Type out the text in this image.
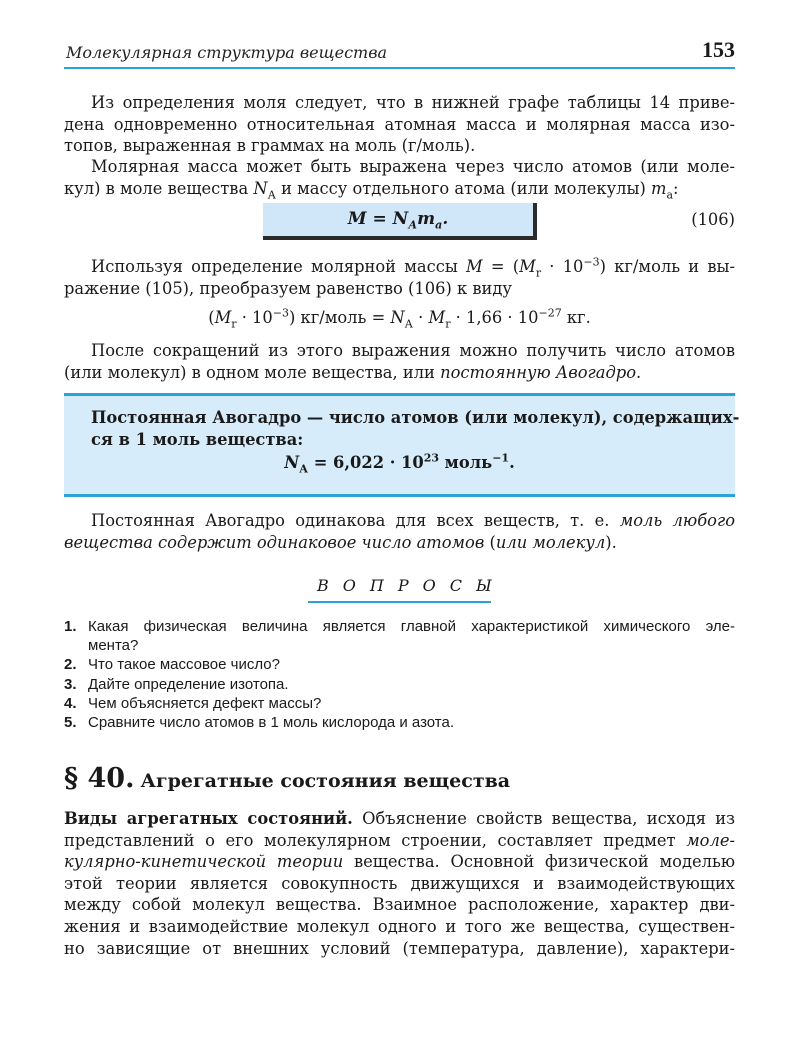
Молекулярная структура вещества	153
Из определения моля следует, что в нижней графе таблицы 14 приве-
дена одновременно относительная атомная масса и молярная масса изо-
топов, выраженная в граммах на моль (г/моль).
Молярная масса может быть выражена через число атомов (или моле-
кул) в моле вещества $N_А$ и массу отдельного атома (или молекулы) $m_а$:
$M = N_Аm_а$.	(106)
Используя определение молярной массы $M = (M_r \cdot 10^{-3})$ кг/моль и вы-
ражение (105), преобразуем равенство (106) к виду
$(M_r \cdot 10^{-3})$ кг/моль = $N_А \cdot M_r \cdot 1,66 \cdot 10^{-27}$ кг.
После сокращений из этого выражения можно получить число атомов
(или молекул) в одном моле вещества, или постоянную Авогадро.
Постоянная Авогадро — число атомов (или молекул), содержащих-
ся в 1 моль вещества:
$N_А = 6,022 \cdot 10^{23}$ моль$^{-1}$.
Постоянная Авогадро одинакова для всех веществ, т. е. моль любого
вещества содержит одинаковое число атомов (или молекул).
ВОПРОСЫ
1. Какая физическая величина является главной характеристикой химического эле-
мента?
2. Что такое массовое число?
3. Дайте определение изотопа.
4. Чем объясняется дефект массы?
5. Сравните число атомов в 1 моль кислорода и азота.
§ 40. Агрегатные состояния вещества
Виды агрегатных состояний. Объяснение свойств вещества, исходя из
представлений о его молекулярном строении, составляет предмет моле-
кулярно-кинетической теории вещества. Основной физической моделью
этой теории является совокупность движущихся и взаимодействующих
между собой молекул вещества. Взаимное расположение, характер дви-
жения и взаимодействие молекул одного и того же вещества, существен-
но зависящие от внешних условий (температура, давление), характери-
